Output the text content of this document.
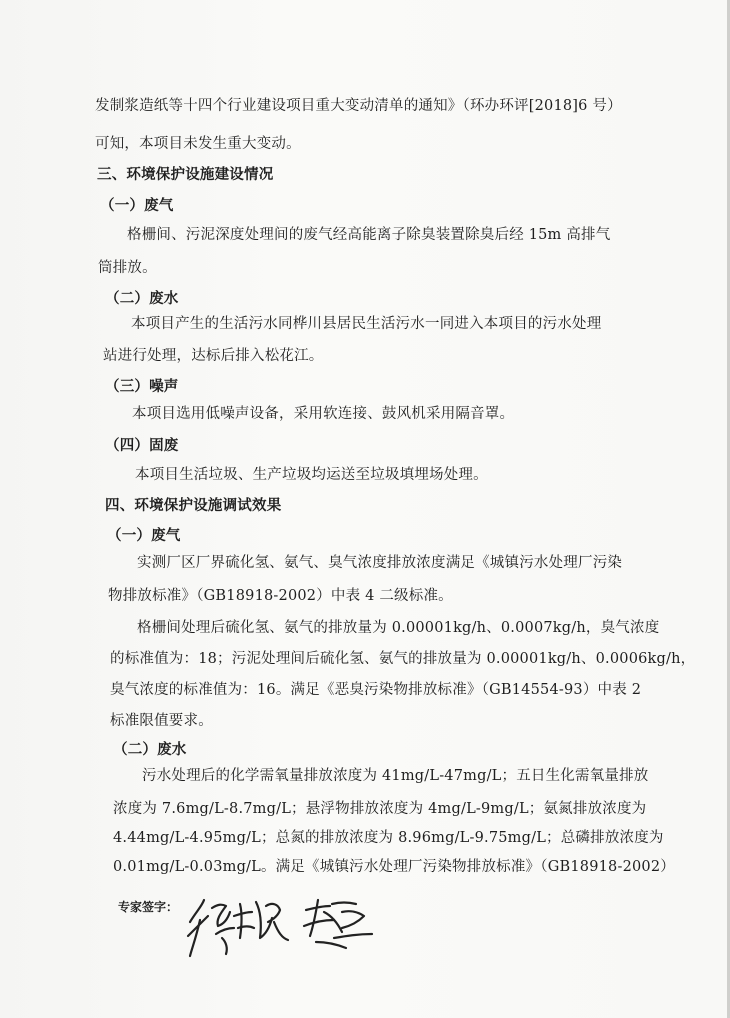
发制浆造纸等十四个行业建设项目重大变动清单的通知》（环办环评[2018]6 号）
可知，本项目未发生重大变动。
三、环境保护设施建设情况
（一）废气
格栅间、污泥深度处理间的废气经高能离子除臭装置除臭后经 15m 高排气
筒排放。
（二）废水
本项目产生的生活污水同桦川县居民生活污水一同进入本项目的污水处理
站进行处理，达标后排入松花江。
（三）噪声
本项目选用低噪声设备，采用软连接、鼓风机采用隔音罩。
（四）固废
本项目生活垃圾、生产垃圾均运送至垃圾填埋场处理。
四、环境保护设施调试效果
（一）废气
实测厂区厂界硫化氢、氨气、臭气浓度排放浓度满足《城镇污水处理厂污染
物排放标准》（GB18918-2002）中表 4 二级标准。
格栅间处理后硫化氢、氨气的排放量为 0.00001kg/h、0.0007kg/h，臭气浓度
的标准值为：18；污泥处理间后硫化氢、氨气的排放量为 0.00001kg/h、0.0006kg/h，
臭气浓度的标准值为：16。满足《恶臭污染物排放标准》（GB14554-93）中表 2
标准限值要求。
（二）废水
污水处理后的化学需氧量排放浓度为 41mg/L-47mg/L；五日生化需氧量排放
浓度为 7.6mg/L-8.7mg/L；悬浮物排放浓度为 4mg/L-9mg/L；氨氮排放浓度为
4.44mg/L-4.95mg/L；总氮的排放浓度为 8.96mg/L-9.75mg/L；总磷排放浓度为
0.01mg/L-0.03mg/L。满足《城镇污水处理厂污染物排放标准》（GB18918-2002）
专家签字：
